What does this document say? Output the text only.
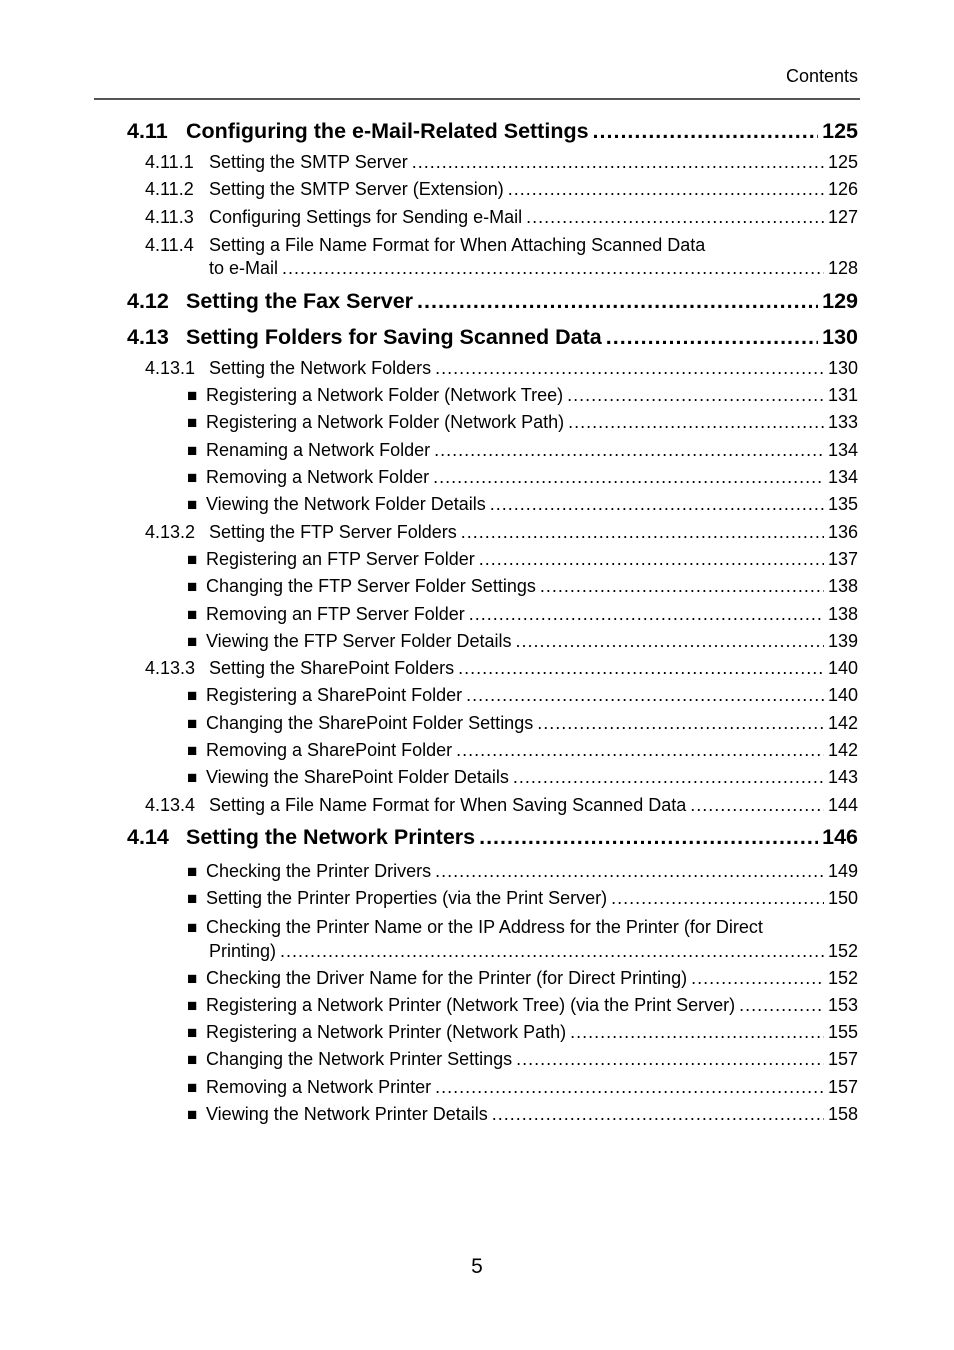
Contents
4.11 Configuring the e-Mail-Related Settings .....	125
4.11.1 Setting the SMTP Server .....	125
4.11.2 Setting the SMTP Server (Extension) .....	126
4.11.3 Configuring Settings for Sending e-Mail .....	127
4.11.4 Setting a File Name Format for When Attaching Scanned Data
to e-Mail .....	128
4.12 Setting the Fax Server .....	129
4.13 Setting Folders for Saving Scanned Data .....	130
4.13.1 Setting the Network Folders .....	130
■ Registering a Network Folder (Network Tree) .....	131
■ Registering a Network Folder (Network Path) .....	133
■ Renaming a Network Folder .....	134
■ Removing a Network Folder .....	134
■ Viewing the Network Folder Details .....	135
4.13.2 Setting the FTP Server Folders .....	136
■ Registering an FTP Server Folder .....	137
■ Changing the FTP Server Folder Settings .....	138
■ Removing an FTP Server Folder .....	138
■ Viewing the FTP Server Folder Details .....	139
4.13.3 Setting the SharePoint Folders .....	140
■ Registering a SharePoint Folder .....	140
■ Changing the SharePoint Folder Settings .....	142
■ Removing a SharePoint Folder .....	142
■ Viewing the SharePoint Folder Details .....	143
4.13.4 Setting a File Name Format for When Saving Scanned Data .....	144
4.14 Setting the Network Printers .....	146
■ Checking the Printer Drivers .....	149
■ Setting the Printer Properties (via the Print Server) .....	150
■ Checking the Printer Name or the IP Address for the Printer (for Direct
Printing) .....	152
■ Checking the Driver Name for the Printer (for Direct Printing) .....	152
■ Registering a Network Printer (Network Tree) (via the Print Server) .....	153
■ Registering a Network Printer (Network Path) .....	155
■ Changing the Network Printer Settings .....	157
■ Removing a Network Printer .....	157
■ Viewing the Network Printer Details .....	158
5
